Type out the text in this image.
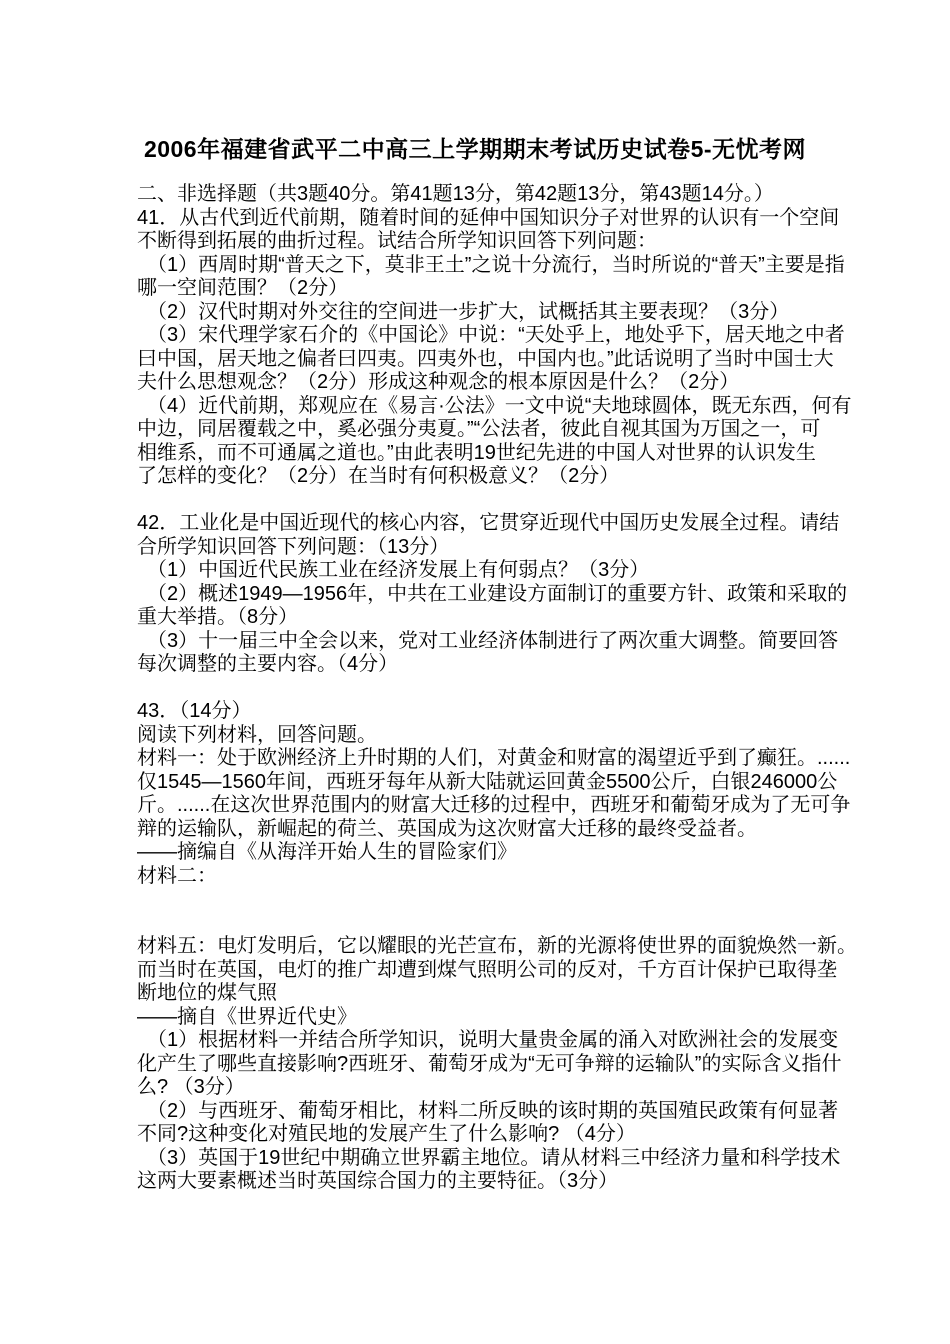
2006年福建省武平二中高三上学期期末考试历史试卷5-无忧考网
二、非选择题（共3题40分。第41题13分，第42题13分，第43题14分。）
41．从古代到近代前期，随着时间的延伸中国知识分子对世界的认识有一个空间
不断得到拓展的曲折过程。试结合所学知识回答下列问题：
（1）西周时期“普天之下，莫非王土”之说十分流行，当时所说的“普天”主要是指
哪一空间范围？（2分）
（2）汉代时期对外交往的空间进一步扩大，试概括其主要表现？（3分）
（3）宋代理学家石介的《中国论》中说：“天处乎上，地处乎下，居天地之中者
曰中国，居天地之偏者曰四夷。四夷外也，中国内也。”此话说明了当时中国士大
夫什么思想观念？（2分）形成这种观念的根本原因是什么？（2分）
（4）近代前期，郑观应在《易言·公法》一文中说“夫地球圆体，既无东西，何有
中边，同居覆载之中，奚必强分夷夏。”“公法者，彼此自视其国为万国之一，可
相维系，而不可通属之道也。”由此表明19世纪先进的中国人对世界的认识发生
了怎样的变化？（2分）在当时有何积极意义？（2分）
42．工业化是中国近现代的核心内容，它贯穿近现代中国历史发展全过程。请结
合所学知识回答下列问题：（13分）
（1）中国近代民族工业在经济发展上有何弱点？（3分）
（2）概述1949—1956年，中共在工业建设方面制订的重要方针、政策和采取的
重大举措。（8分）
（3）十一届三中全会以来，党对工业经济体制进行了两次重大调整。简要回答
每次调整的主要内容。（4分）
43．（14分）
阅读下列材料，回答问题。
材料一：处于欧洲经济上升时期的人们，对黄金和财富的渴望近乎到了癫狂。......
仅1545—1560年间，西班牙每年从新大陆就运回黄金5500公斤，白银246000公
斤。......在这次世界范围内的财富大迁移的过程中，西班牙和葡萄牙成为了无可争
辩的运输队，新崛起的荷兰、英国成为这次财富大迁移的最终受益者。
——摘编自《从海洋开始人生的冒险家们》
材料二：
材料五：电灯发明后，它以耀眼的光芒宣布，新的光源将使世界的面貌焕然一新。
而当时在英国，电灯的推广却遭到煤气照明公司的反对，千方百计保护已取得垄
断地位的煤气照
——摘自《世界近代史》
（1）根据材料一并结合所学知识，说明大量贵金属的涌入对欧洲社会的发展变
化产生了哪些直接影响?西班牙、葡萄牙成为“无可争辩的运输队”的实际含义指什
么? （3分）
（2）与西班牙、葡萄牙相比，材料二所反映的该时期的英国殖民政策有何显著
不同?这种变化对殖民地的发展产生了什么影响? （4分）
（3）英国于19世纪中期确立世界霸主地位。请从材料三中经济力量和科学技术
这两大要素概述当时英国综合国力的主要特征。（3分）
